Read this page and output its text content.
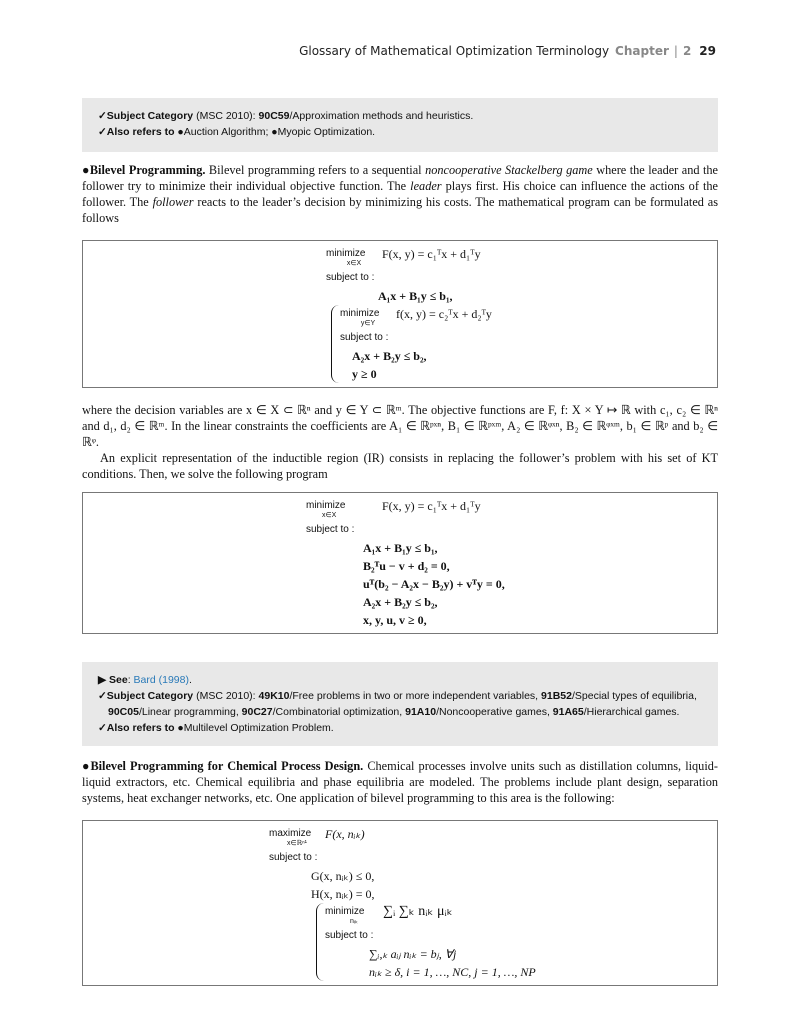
Glossary of Mathematical Optimization Terminology Chapter | 2 29
✓Subject Category (MSC 2010): 90C59/Approximation methods and heuristics.
✓Also refers to ●Auction Algorithm; ●Myopic Optimization.
●Bilevel Programming. Bilevel programming refers to a sequential noncooperative Stackelberg game where the leader and the follower try to minimize their individual objective function. The leader plays first. His choice can influence the actions of the follower. The follower reacts to the leader’s decision by minimizing his costs. The mathematical program can be formulated as follows
minimize
x∈X
F(x, y) = c₁ᵀx + d₁ᵀy
subject to :
A₁x + B₁y ≤ b₁,
minimize
y∈Y
f(x, y) = c₂ᵀx + d₂ᵀy
subject to :
A₂x + B₂y ≤ b₂,
y ≥ 0
where the decision variables are x ∈ X ⊂ ℝⁿ and y ∈ Y ⊂ ℝᵐ. The objective functions are F, f: X × Y ↦ ℝ with c₁, c₂ ∈ ℝⁿ and d₁, d₂ ∈ ℝᵐ. In the linear constraints the coefficients are A₁ ∈ ℝᵖˣⁿ, B₁ ∈ ℝᵖˣᵐ, A₂ ∈ ℝᵠˣⁿ, B₂ ∈ ℝᵠˣᵐ, b₁ ∈ ℝᵖ and b₂ ∈ ℝᵠ.
An explicit representation of the inductible region (IR) consists in replacing the follower’s problem with his set of KT conditions. Then, we solve the following program
minimize
x∈X
F(x, y) = c₁ᵀx + d₁ᵀy
subject to :
A₁x + B₁y ≤ b₁,
B₂ᵀu − v + d₂ = 0,
uᵀ(b₂ − A₂x − B₂y) + vᵀy = 0,
A₂x + B₂y ≤ b₂,
x, y, u, v ≥ 0,
▶ See: Bard (1998).
✓Subject Category (MSC 2010): 49K10/Free problems in two or more independent variables, 91B52/Special types of equilibria,
90C05/Linear programming, 90C27/Combinatorial optimization, 91A10/Noncooperative games, 91A65/Hierarchical games.
✓Also refers to ●Multilevel Optimization Problem.
●Bilevel Programming for Chemical Process Design. Chemical processes involve units such as distillation columns, liquid-liquid extractors, etc. Chemical equilibria and phase equilibria are modeled. The problems include plant design, separation systems, heat exchanger networks, etc. One application of bilevel programming to this area is the following:
maximize
x∈ℝⁿ¹
F(x, nᵢₖ)
subject to :
G(x, nᵢₖ) ≤ 0,
H(x, nᵢₖ) = 0,
minimize
nᵢₖ
∑ᵢ ∑ₖ nᵢₖ μᵢₖ
subject to :
∑ᵢ,ₖ aᵢⱼ nᵢₖ = bⱼ, ∀j
nᵢₖ ≥ δ, i = 1, …, NC, j = 1, …, NP
